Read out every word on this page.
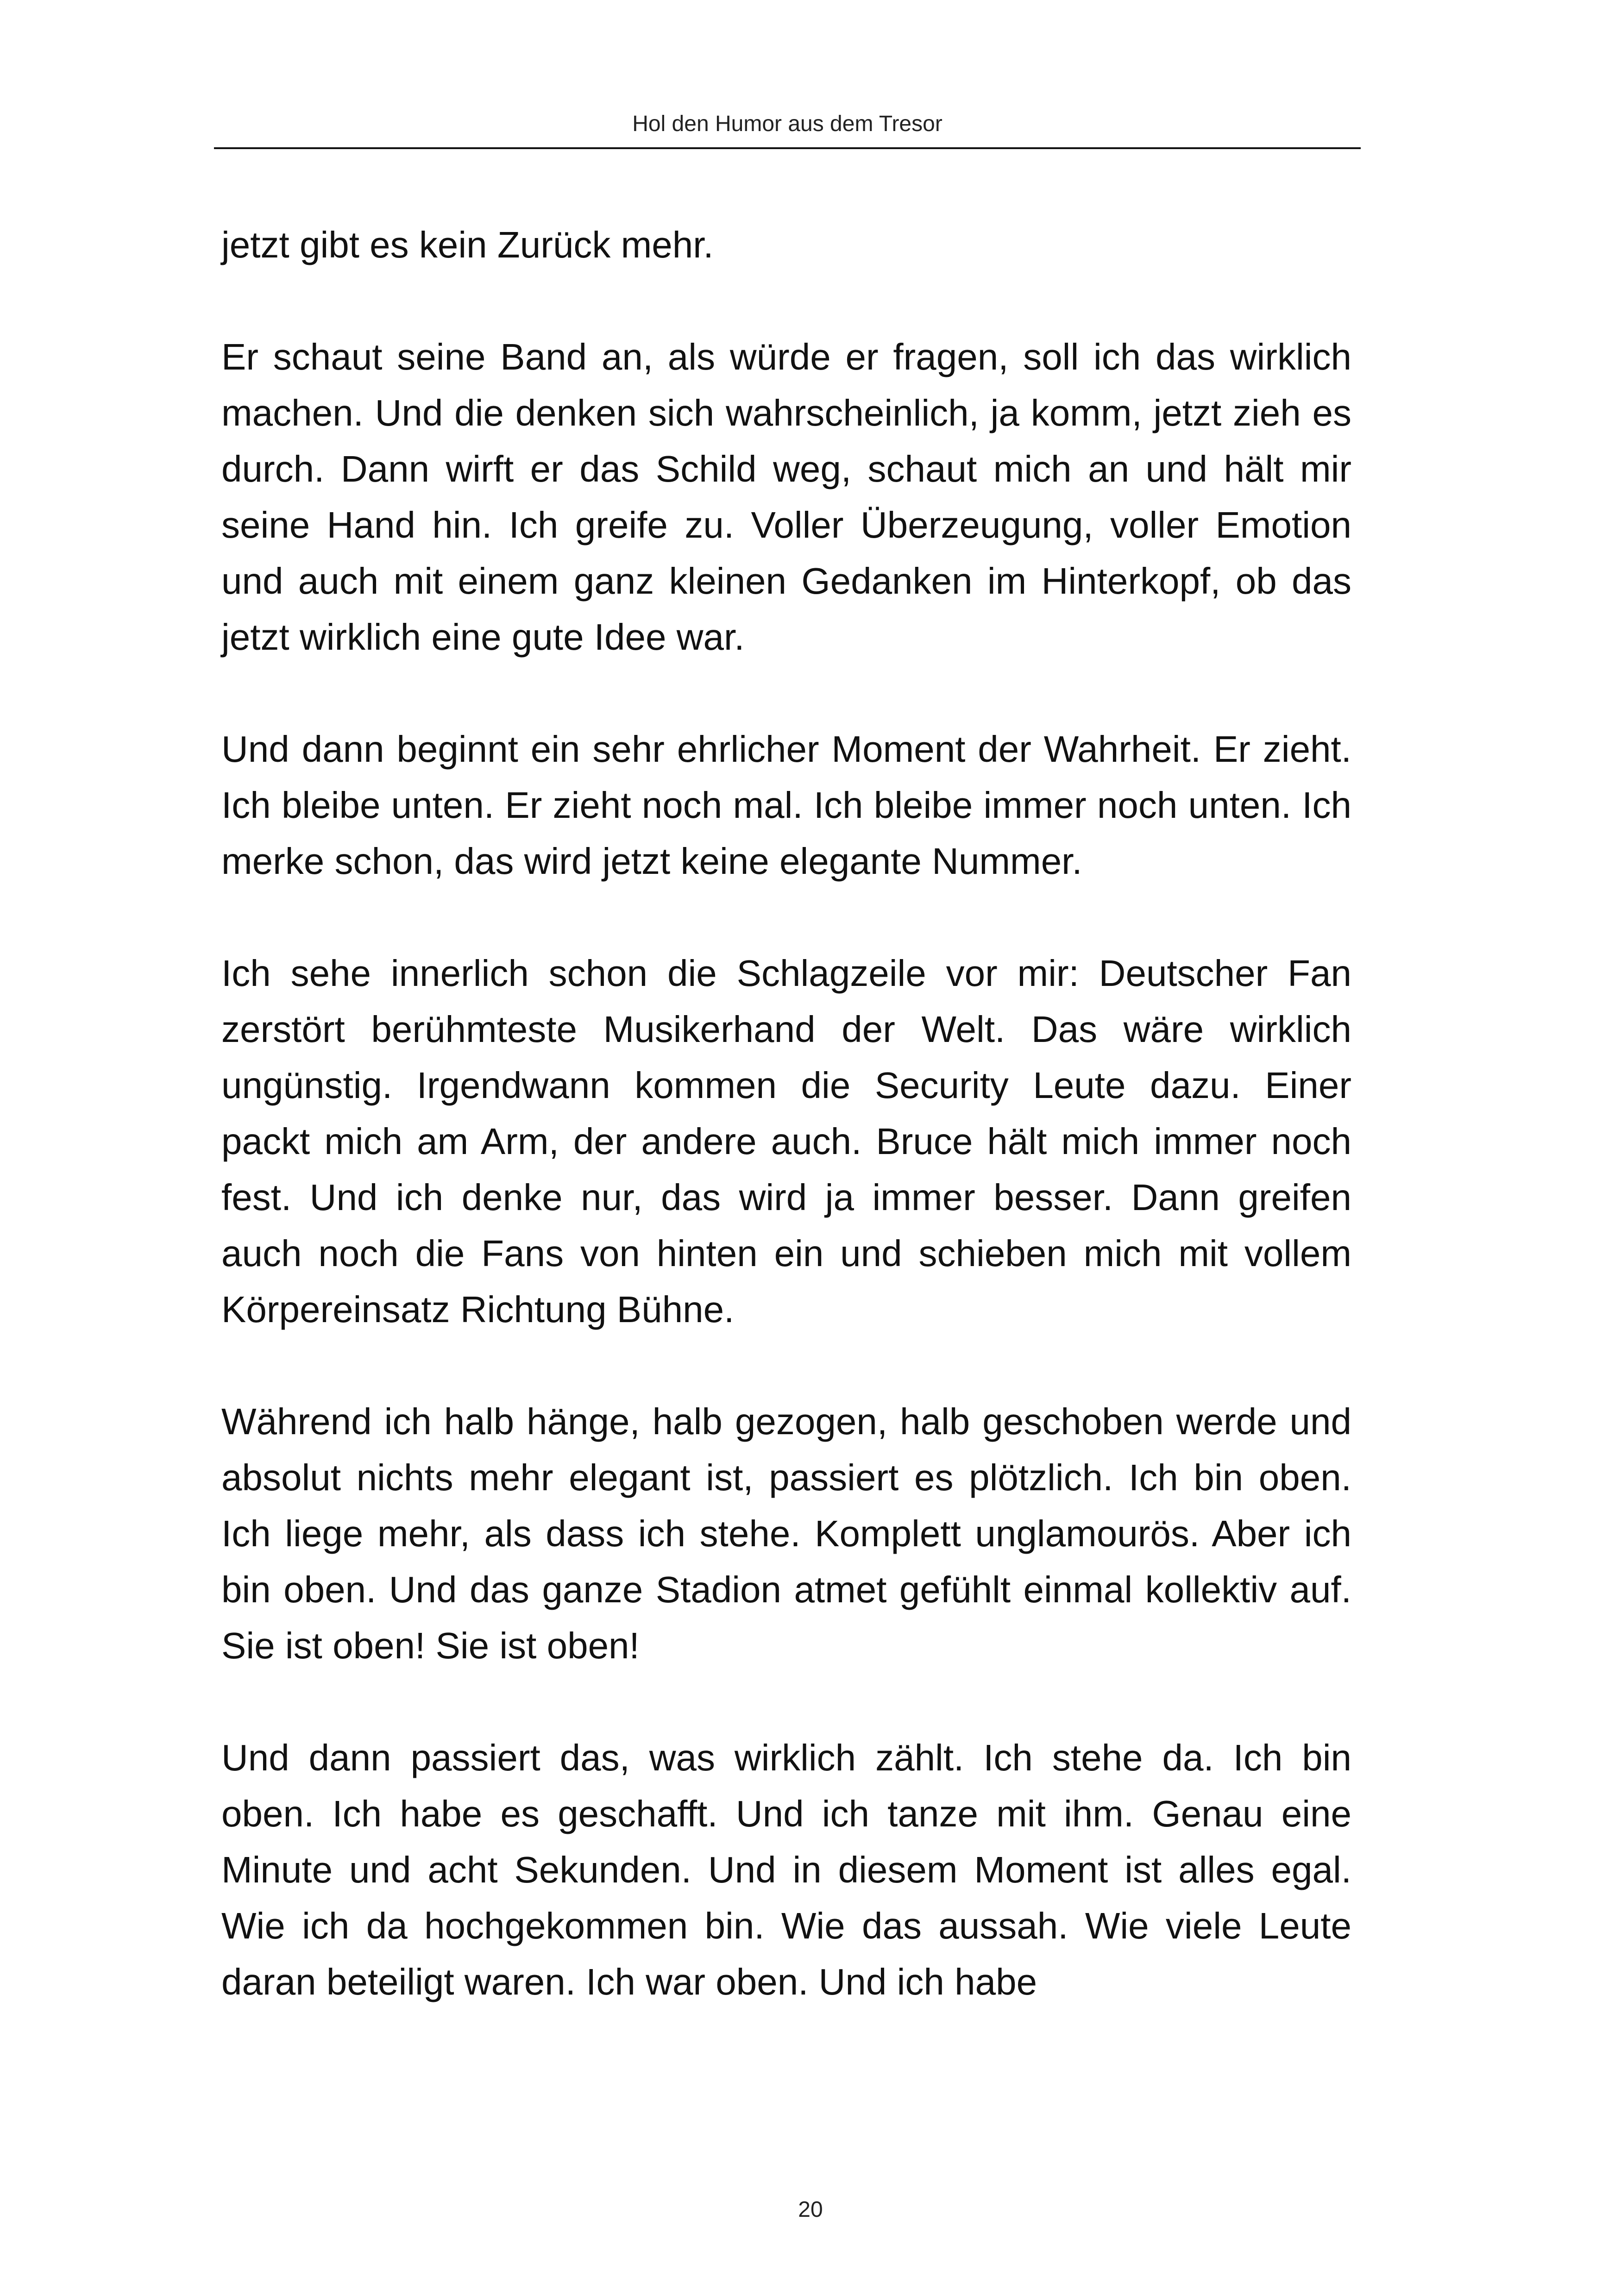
Hol den Humor aus dem Tresor

jetzt gibt es kein Zurück mehr.

Er schaut seine Band an, als würde er fragen, soll ich das wirklich machen. Und die denken sich wahrscheinlich, ja komm, jetzt zieh es durch. Dann wirft er das Schild weg, schaut mich an und hält mir seine Hand hin. Ich greife zu. Voller Überzeugung, voller Emotion und auch mit einem ganz kleinen Gedanken im Hinterkopf, ob das jetzt wirklich eine gute Idee war.

Und dann beginnt ein sehr ehrlicher Moment der Wahrheit. Er zieht. Ich bleibe unten. Er zieht noch mal. Ich bleibe immer noch unten. Ich merke schon, das wird jetzt keine elegante Nummer.

Ich sehe innerlich schon die Schlagzeile vor mir: Deutscher Fan zerstört berühmteste Musikerhand der Welt. Das wäre wirklich ungünstig. Irgendwann kommen die Security Leute dazu. Einer packt mich am Arm, der andere auch. Bruce hält mich immer noch fest. Und ich denke nur, das wird ja immer besser. Dann greifen auch noch die Fans von hinten ein und schieben mich mit vollem Körpereinsatz Richtung Bühne.

Während ich halb hänge, halb gezogen, halb geschoben werde und absolut nichts mehr elegant ist, passiert es plötzlich. Ich bin oben. Ich liege mehr, als dass ich stehe. Komplett unglamourös. Aber ich bin oben. Und das ganze Stadion atmet gefühlt einmal kollektiv auf. Sie ist oben! Sie ist oben!

Und dann passiert das, was wirklich zählt. Ich stehe da. Ich bin oben. Ich habe es geschafft. Und ich tanze mit ihm. Genau eine Minute und acht Sekunden. Und in diesem Moment ist alles egal. Wie ich da hochgekommen bin. Wie das aussah. Wie viele Leute daran beteiligt waren. Ich war oben. Und ich habe

20
